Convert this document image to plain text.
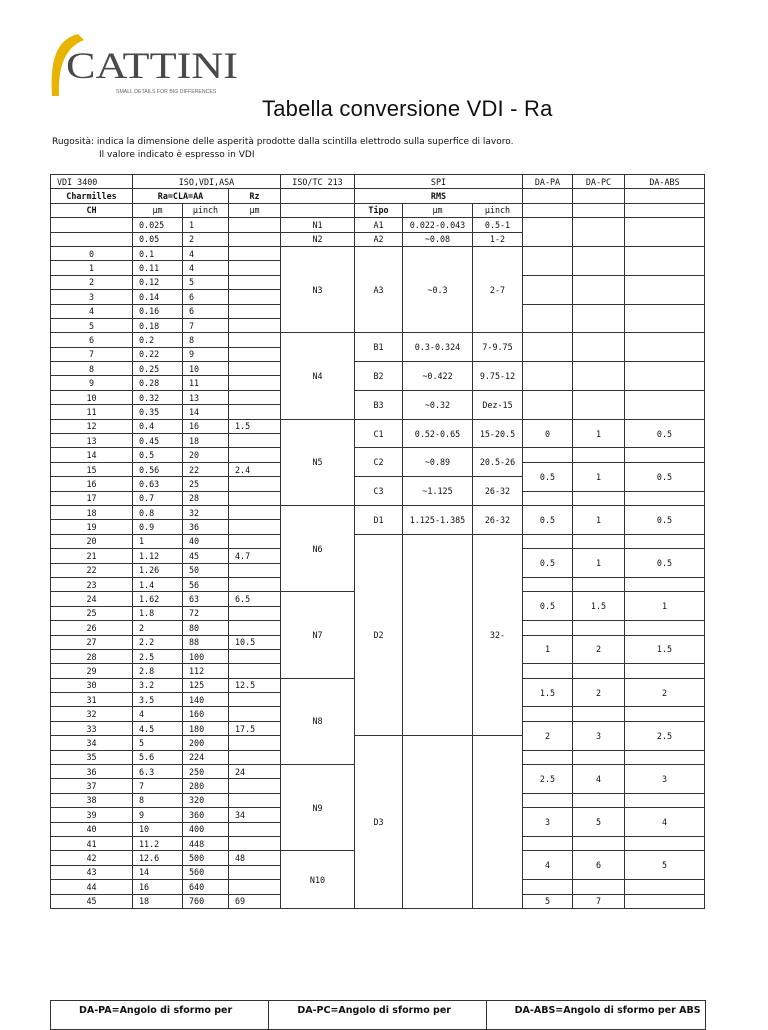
CATTINI
SMALL DETAILS FOR BIG DIFFERENCES
Tabella conversione VDI - Ra
Rugosità: indica la dimensione delle asperità prodotte dalla scintilla elettrodo sulla superfice di lavoro.
Il valore indicato è espresso in VDI
VDI 3400	ISO,VDI,ASA			ISO/TC 213	SPI			DA-PA	DA-PC	DA-ABS
Charmilles	Ra=CLA=AA		Rz		RMS					
CH	μm	μinch	μm		Tipo	μm	μinch			
	0.025	1		N1	A1	0.022-0.043	0.5-1			
	0.05	2		N2	A2	~0.08	1-2			
0	0.1	4		N3	A3	~0.3	2-7			
1	0.11	4								
2	0.12	5								
3	0.14	6								
4	0.16	6								
5	0.18	7								
6	0.2	8		N4	B1	0.3-0.324	7-9.75			
7	0.22	9								
8	0.25	10			B2	~0.422	9.75-12			
9	0.28	11								
10	0.32	13			B3	~0.32	Dez-15			
11	0.35	14								
12	0.4	16	1.5	N5	C1	0.52-0.65	15-20.5	0	1	0.5
13	0.45	18								
14	0.5	20			C2	~0.89	20.5-26			
15	0.56	22	2.4					0.5	1	0.5
16	0.63	25			C3	~1.125	26-32			
17	0.7	28								
18	0.8	32		N6	D1	1.125-1.385	26-32	0.5	1	0.5
19	0.9	36								
20	1	40			D2		32-			
21	1.12	45	4.7					0.5	1	0.5
22	1.26	50								
23	1.4	56								
24	1.62	63	6.5	N7				0.5	1.5	1
25	1.8	72								
26	2	80								
27	2.2	88	10.5					1	2	1.5
28	2.5	100								
29	2.8	112								
30	3.2	125	12.5	N8				1.5	2	2
31	3.5	140								
32	4	160								
33	4.5	180	17.5					2	3	2.5
34	5	200			D3					
35	5.6	224								
36	6.3	250	24	N9				2.5	4	3
37	7	280								
38	8	320								
39	9	360	34					3	5	4
40	10	400								
41	11.2	448								
42	12.6	500	48	N10				4	6	5
43	14	560								
44	16	640								
45	18	760	69					5	7	
DA-PA=Angolo di sformo per	DA-PC=Angolo di sformo per	DA-ABS=Angolo di sformo per ABS
